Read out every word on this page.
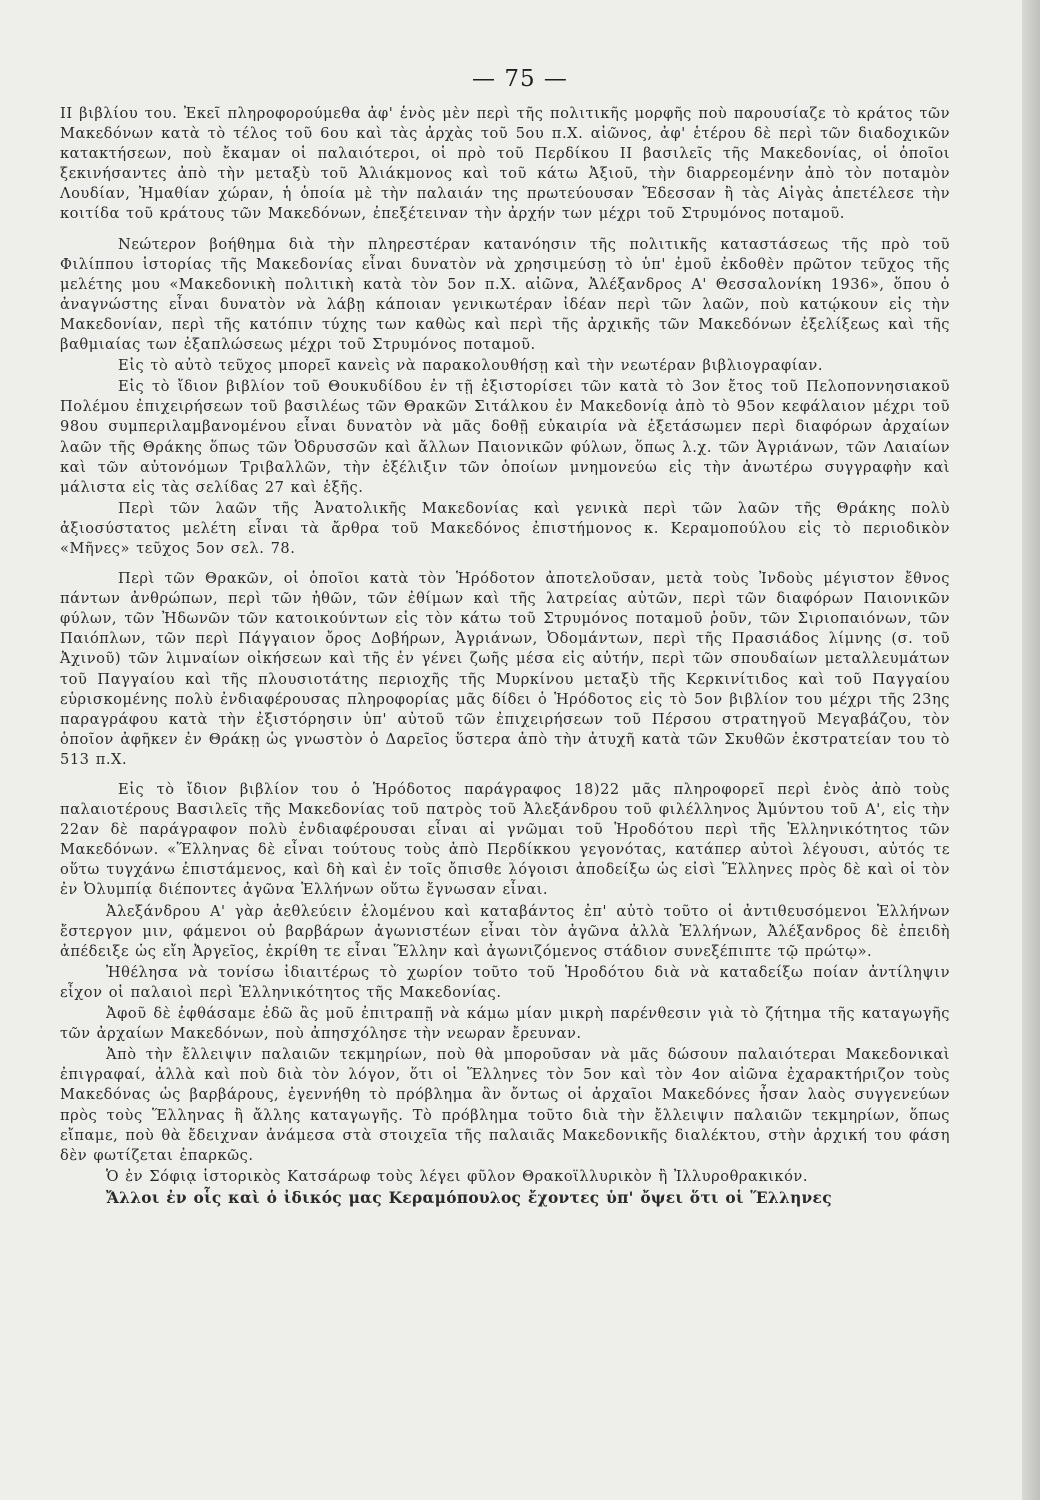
— 75 —

ΙΙ βιβλίου του. Ἐκεῖ πληροφορούμεθα ἀφ' ἑνὸς μὲν περὶ τῆς πολιτικῆς μορφῆς ποὺ παρουσίαζε τὸ κράτος τῶν Μακεδόνων κατὰ τὸ τέλος τοῦ 6ου καὶ τὰς ἀρχὰς τοῦ 5ου π.Χ. αἰῶνος, ἀφ' ἑτέρου δὲ περὶ τῶν διαδοχικῶν κατακτήσεων, ποὺ ἔκαμαν οἱ παλαιότεροι, οἱ πρὸ τοῦ Περδίκου ΙΙ βασιλεῖς τῆς Μακεδονίας, οἱ ὁποῖοι ξεκινήσαντες ἀπὸ τὴν μεταξὺ τοῦ Ἀλιάκμονος καὶ τοῦ κάτω Ἀξιοῦ, τὴν διαρρεομένην ἀπὸ τὸν ποταμὸν Λουδίαν, Ἠμαθίαν χώραν, ἡ ὁποία μὲ τὴν παλαιάν της πρωτεύουσαν Ἔδεσσαν ἢ τὰς Αἰγὰς ἀπετέλεσε τὴν κοιτίδα τοῦ κράτους τῶν Μακεδόνων, ἐπεξέτειναν τὴν ἀρχήν των μέχρι τοῦ Στρυμόνος ποταμοῦ.

Νεώτερον βοήθημα διὰ τὴν πληρεστέραν κατανόησιν τῆς πολιτικῆς καταστάσεως τῆς πρὸ τοῦ Φιλίππου ἱστορίας τῆς Μακεδονίας εἶναι δυνατὸν νὰ χρησιμεύσῃ τὸ ὑπ' ἐμοῦ ἐκδοθὲν πρῶτον τεῦχος τῆς μελέτης μου «Μακεδονικὴ πολιτικὴ κατὰ τὸν 5ον π.Χ. αἰῶνα, Ἀλέξανδρος Α' Θεσσαλονίκη 1936», ὅπου ὁ ἀναγνώστης εἶναι δυνατὸν νὰ λάβῃ κάποιαν γενικωτέραν ἰδέαν περὶ τῶν λαῶν, ποὺ κατῴκουν εἰς τὴν Μακεδονίαν, περὶ τῆς κατόπιν τύχης των καθὼς καὶ περὶ τῆς ἀρχικῆς τῶν Μακεδόνων ἐξελίξεως καὶ τῆς βαθμιαίας των ἐξαπλώσεως μέχρι τοῦ Στρυμόνος ποταμοῦ.

Εἰς τὸ αὐτὸ τεῦχος μπορεῖ κανεὶς νὰ παρακολουθήσῃ καὶ τὴν νεωτέραν βιβλιογραφίαν.

Εἰς τὸ ἴδιον βιβλίον τοῦ Θουκυδίδου ἐν τῇ ἐξιστορίσει τῶν κατὰ τὸ 3ον ἔτος τοῦ Πελοποννησιακοῦ Πολέμου ἐπιχειρήσεων τοῦ βασιλέως τῶν Θρακῶν Σιτάλκου ἐν Μακεδονίᾳ ἀπὸ τὸ 95ον κεφάλαιον μέχρι τοῦ 98ου συμπεριλαμβανομένου εἶναι δυνατὸν νὰ μᾶς δοθῇ εὐκαιρία νὰ ἐξετάσωμεν περὶ διαφόρων ἀρχαίων λαῶν τῆς Θράκης ὅπως τῶν Ὀδρυσσῶν καὶ ἄλλων Παιονικῶν φύλων, ὅπως λ.χ. τῶν Ἀγριάνων, τῶν Λαιαίων καὶ τῶν αὐτονόμων Τριβαλλῶν, τὴν ἐξέλιξιν τῶν ὁποίων μνημονεύω εἰς τὴν ἀνωτέρω συγγραφὴν καὶ μάλιστα εἰς τὰς σελίδας 27 καὶ ἑξῆς.

Περὶ τῶν λαῶν τῆς Ἀνατολικῆς Μακεδονίας καὶ γενικὰ περὶ τῶν λαῶν τῆς Θράκης πολὺ ἀξιοσύστατος μελέτη εἶναι τὰ ἄρθρα τοῦ Μακεδόνος ἐπιστήμονος κ. Κεραμοπούλου εἰς τὸ περιοδικὸν «Μῆνες» τεῦχος 5ον σελ. 78.

Περὶ τῶν Θρακῶν, οἱ ὁποῖοι κατὰ τὸν Ἡρόδοτον ἀποτελοῦσαν, μετὰ τοὺς Ἰνδοὺς μέγιστον ἔθνος πάντων ἀνθρώπων, περὶ τῶν ἠθῶν, τῶν ἐθίμων καὶ τῆς λατρείας αὐτῶν, περὶ τῶν διαφόρων Παιονικῶν φύλων, τῶν Ἠδωνῶν τῶν κατοικούντων εἰς τὸν κάτω τοῦ Στρυμόνος ποταμοῦ ῥοῦν, τῶν Σιριοπαιόνων, τῶν Παιόπλων, τῶν περὶ Πάγγαιον ὄρος Δοβήρων, Ἀγριάνων, Ὀδομάντων, περὶ τῆς Πρασιάδος λίμνης (σ. τοῦ Ἀχινοῦ) τῶν λιμναίων οἰκήσεων καὶ τῆς ἐν γένει ζωῆς μέσα εἰς αὐτήν, περὶ τῶν σπουδαίων μεταλλευμάτων τοῦ Παγγαίου καὶ τῆς πλουσιοτάτης περιοχῆς τῆς Μυρκίνου μεταξὺ τῆς Κερκινίτιδος καὶ τοῦ Παγγαίου εὑρισκομένης πολὺ ἐνδιαφέρουσας πληροφορίας μᾶς δίδει ὁ Ἡρόδοτος εἰς τὸ 5ον βιβλίον του μέχρι τῆς 23ης παραγράφου κατὰ τὴν ἐξιστόρησιν ὑπ' αὐτοῦ τῶν ἐπιχειρήσεων τοῦ Πέρσου στρατηγοῦ Μεγαβάζου, τὸν ὁποῖον ἀφῆκεν ἐν Θράκῃ ὡς γνωστὸν ὁ Δαρεῖος ὕστερα ἀπὸ τὴν ἀτυχῆ κατὰ τῶν Σκυθῶν ἐκστρατείαν του τὸ 513 π.Χ.

Εἰς τὸ ἴδιον βιβλίον του ὁ Ἡρόδοτος παράγραφος 18)22 μᾶς πληροφορεῖ περὶ ἑνὸς ἀπὸ τοὺς παλαιοτέρους Βασιλεῖς τῆς Μακεδονίας τοῦ πατρὸς τοῦ Ἀλεξάνδρου τοῦ φιλέλληνος Ἀμύντου τοῦ Α', εἰς τὴν 22αν δὲ παράγραφον πολὺ ἐνδιαφέρουσαι εἶναι αἱ γνῶμαι τοῦ Ἡροδότου περὶ τῆς Ἑλληνικότητος τῶν Μακεδόνων. «Ἕλληνας δὲ εἶναι τούτους τοὺς ἀπὸ Περδίκκου γεγονότας, κατάπερ αὐτοὶ λέγουσι, αὐτός τε οὕτω τυγχάνω ἐπιστάμενος, καὶ δὴ καὶ ἐν τοῖς ὄπισθε λόγοισι ἀποδείξω ὡς εἰσὶ Ἕλληνες πρὸς δὲ καὶ οἱ τὸν ἐν Ὀλυμπίᾳ διέποντες ἀγῶνα Ἑλλήνων οὕτω ἔγνωσαν εἶναι.

Ἀλεξάνδρου Α' γὰρ ἀεθλεύειν ἑλομένου καὶ καταβάντος ἐπ' αὐτὸ τοῦτο οἱ ἀντιθευσόμενοι Ἑλλήνων ἔστεργον μιν, φάμενοι οὐ βαρβάρων ἀγωνιστέων εἶναι τὸν ἀγῶνα ἀλλὰ Ἑλλήνων, Ἀλέξανδρος δὲ ἐπειδὴ ἀπέδειξε ὡς εἴη Ἀργεῖος, ἐκρίθη τε εἶναι Ἕλλην καὶ ἀγωνιζόμενος στάδιον συνεξέπιπτε τῷ πρώτῳ».

Ἠθέλησα νὰ τονίσω ἰδιαιτέρως τὸ χωρίον τοῦτο τοῦ Ἡροδότου διὰ νὰ καταδείξω ποίαν ἀντίληψιν εἶχον οἱ παλαιοὶ περὶ Ἑλληνικότητος τῆς Μακεδονίας.

Ἀφοῦ δὲ ἐφθάσαμε ἐδῶ ἂς μοῦ ἐπιτραπῇ νὰ κάμω μίαν μικρὴ παρένθεσιν γιὰ τὸ ζήτημα τῆς καταγωγῆς τῶν ἀρχαίων Μακεδόνων, ποὺ ἀπησχόλησε τὴν νεωραν ἔρευναν.

Ἀπὸ τὴν ἔλλειψιν παλαιῶν τεκμηρίων, ποὺ θὰ μποροῦσαν νὰ μᾶς δώσουν παλαιότεραι Μακεδονικαὶ ἐπιγραφαί, ἀλλὰ καὶ ποὺ διὰ τὸν λόγον, ὅτι οἱ Ἕλληνες τὸν 5ον καὶ τὸν 4ον αἰῶνα ἐχαρακτήριζον τοὺς Μακεδόνας ὡς βαρβάρους, ἐγεννήθη τὸ πρόβλημα ἂν ὄντως οἱ ἀρχαῖοι Μακεδόνες ἦσαν λαὸς συγγενεύων πρὸς τοὺς Ἕλληνας ἢ ἄλλης καταγωγῆς. Τὸ πρόβλημα τοῦτο διὰ τὴν ἔλλειψιν παλαιῶν τεκμηρίων, ὅπως εἴπαμε, ποὺ θὰ ἔδειχναν ἀνάμεσα στὰ στοιχεῖα τῆς παλαιᾶς Μακεδονικῆς διαλέκτου, στὴν ἀρχική του φάση δὲν φωτίζεται ἐπαρκῶς.

Ὁ ἐν Σόφιᾳ ἱστορικὸς Κατσάρωφ τοὺς λέγει φῦλον Θρακοϊλλυρικὸν ἢ Ἰλλυροθρακικόν.

Ἄλλοι ἐν οἷς καὶ ὁ ἰδικός μας Κεραμόπουλος ἔχοντες ὑπ' ὄψει ὅτι οἱ Ἕλληνες
